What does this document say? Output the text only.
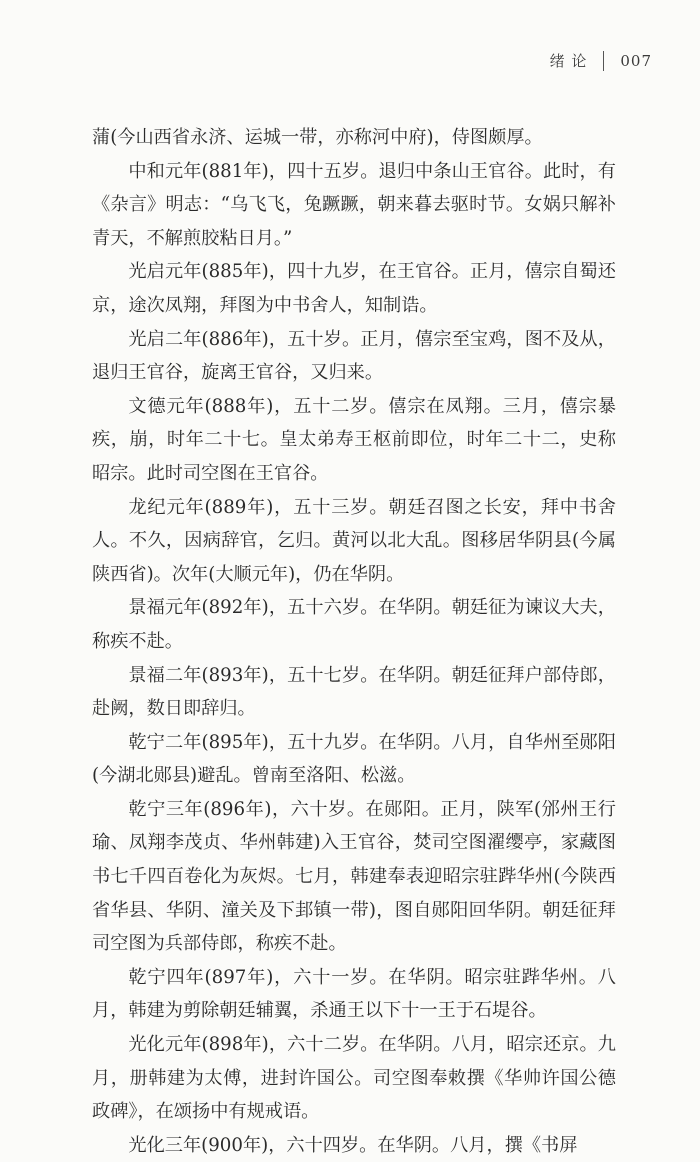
绪 论 007

蒲(今山西省永济、运城一带，亦称河中府)，侍图颇厚。

中和元年(881年)，四十五岁。退归中条山王官谷。此时，有《杂言》明志：“乌飞飞，兔蹶蹶，朝来暮去驱时节。女娲只解补青天，不解煎胶粘日月。”

光启元年(885年)，四十九岁，在王官谷。正月，僖宗自蜀还京，途次凤翔，拜图为中书舍人，知制诰。

光启二年(886年)，五十岁。正月，僖宗至宝鸡，图不及从，退归王官谷，旋离王官谷，又归来。

文德元年(888年)，五十二岁。僖宗在凤翔。三月，僖宗暴疾，崩，时年二十七。皇太弟寿王枢前即位，时年二十二，史称昭宗。此时司空图在王官谷。

龙纪元年(889年)，五十三岁。朝廷召图之长安，拜中书舍人。不久，因病辞官，乞归。黄河以北大乱。图移居华阴县(今属陕西省)。次年(大顺元年)，仍在华阴。

景福元年(892年)，五十六岁。在华阴。朝廷征为谏议大夫，称疾不赴。

景福二年(893年)，五十七岁。在华阴。朝廷征拜户部侍郎，赴阙，数日即辞归。

乾宁二年(895年)，五十九岁。在华阴。八月，自华州至郧阳(今湖北郧县)避乱。曾南至洛阳、松滋。

乾宁三年(896年)，六十岁。在郧阳。正月，陕军(邠州王行瑜、凤翔李茂贞、华州韩建)入王官谷，焚司空图濯缨亭，家藏图书七千四百卷化为灰烬。七月，韩建奉表迎昭宗驻跸华州(今陕西省华县、华阴、潼关及下邽镇一带)，图自郧阳回华阴。朝廷征拜司空图为兵部侍郎，称疾不赴。

乾宁四年(897年)，六十一岁。在华阴。昭宗驻跸华州。八月，韩建为剪除朝廷辅翼，杀通王以下十一王于石堤谷。

光化元年(898年)，六十二岁。在华阴。八月，昭宗还京。九月，册韩建为太傅，进封许国公。司空图奉敕撰《华帅许国公德政碑》，在颂扬中有规戒语。

光化三年(900年)，六十四岁。在华阴。八月，撰《书屏
